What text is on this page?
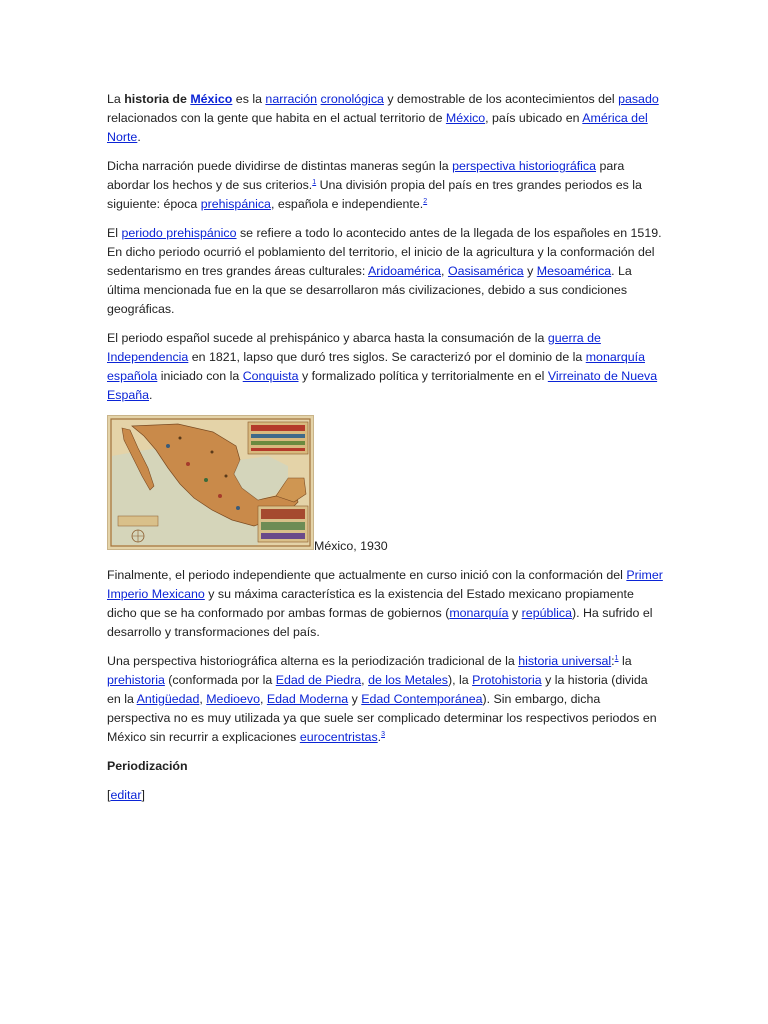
La historia de México es la narración cronológica y demostrable de los acontecimientos del pasado relacionados con la gente que habita en el actual territorio de México, país ubicado en América del Norte.

Dicha narración puede dividirse de distintas maneras según la perspectiva historiográfica para abordar los hechos y de sus criterios.$^1$ Una división propia del país en tres grandes periodos es la siguiente: época prehispánica, española e independiente.$^2$

El periodo prehispánico se refiere a todo lo acontecido antes de la llegada de los españoles en 1519. En dicho periodo ocurrió el poblamiento del territorio, el inicio de la agricultura y la conformación del sedentarismo en tres grandes áreas culturales: Aridoamérica, Oasisamérica y Mesoamérica. La última mencionada fue en la que se desarrollaron más civilizaciones, debido a sus condiciones geográficas.

El periodo español sucede al prehispánico y abarca hasta la consumación de la guerra de Independencia en 1821, lapso que duró tres siglos. Se caracterizó por el dominio de la monarquía española iniciado con la Conquista y formalizado política y territorialmente en el Virreinato de Nueva España.

México, 1930

Finalmente, el periodo independiente que actualmente en curso inició con la conformación del Primer Imperio Mexicano y su máxima característica es la existencia del Estado mexicano propiamente dicho que se ha conformado por ambas formas de gobiernos (monarquía y república). Ha sufrido el desarrollo y transformaciones del país.

Una perspectiva historiográfica alterna es la periodización tradicional de la historia universal:$^1$ la prehistoria (conformada por la Edad de Piedra, de los Metales), la Protohistoria y la historia (divida en la Antigüedad, Medioevo, Edad Moderna y Edad Contemporánea). Sin embargo, dicha perspectiva no es muy utilizada ya que suele ser complicado determinar los respectivos periodos en México sin recurrir a explicaciones eurocentristas.$^3$

Periodización

[editar]
